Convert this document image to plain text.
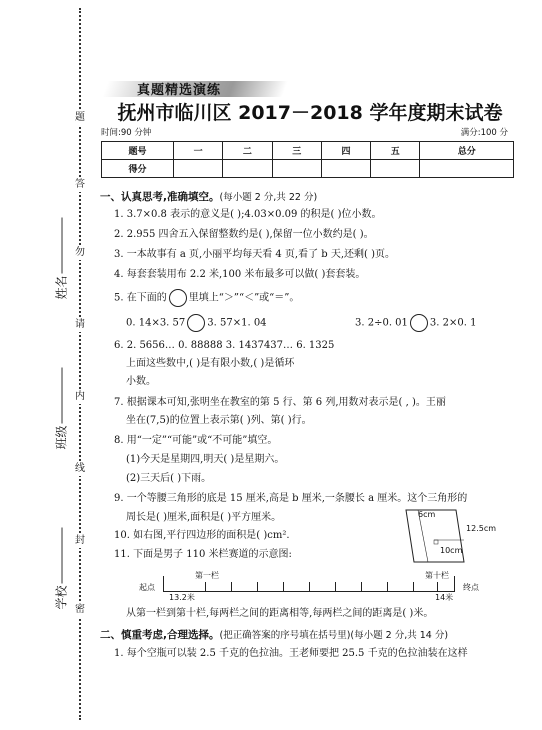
题
答
勿
请
内
线
封
密
姓名
班级
学校
真题精选演练
抚州市临川区 2017－2018 学年度期末试卷
时间:90 分钟	满分:100 分
题号	一	二	三	四	五	总分
得分						
一、认真思考,准确填空。(每小题 2 分,共 22 分)
1. 3.7×0.8 表示的意义是( );4.03×0.09 的积是( )位小数。
2. 2.955 四舍五入保留整数约是( ),保留一位小数约是( )。
3. 一本故事有 a 页,小丽平均每天看 4 页,看了 b 天,还剩( )页。
4. 每套套装用布 2.2 米,100 米布最多可以做( )套套装。
5. 在下面的 里填上“＞”“＜”或“＝”。
0. 14×3. 57 3. 57×1. 04	3. 2÷0. 01 3. 2×0. 1
6. 2. 5656… 0. 88888 3. 1437437… 6. 1325
上面这些数中,( )是有限小数,( )是循环
小数。
7. 根据课本可知,张明坐在教室的第 5 行、第 6 列,用数对表示是( , )。王丽
坐在(7,5)的位置上表示第( )列、第( )行。
8. 用“一定”“可能”或“不可能”填空。
(1)今天是星期四,明天( )是星期六。
(2)三天后( )下雨。
9. 一个等腰三角形的底是 15 厘米,高是 b 厘米,一条腰长 a 厘米。这个三角形的
周长是( )厘米,面积是( )平方厘米。
10. 如右图,平行四边形的面积是( )cm².
11. 下面是男子 110 米栏赛道的示意图:
6cm
12.5cm
10cm
起点	终点
第一栏	第十栏
13.2米	14米
从第一栏到第十栏,每两栏之间的距离相等,每两栏之间的距离是( )米。
二、慎重考虑,合理选择。(把正确答案的序号填在括号里)(每小题 2 分,共 14 分)
1. 每个空瓶可以装 2.5 千克的色拉油。王老师要把 25.5 千克的色拉油装在这样
